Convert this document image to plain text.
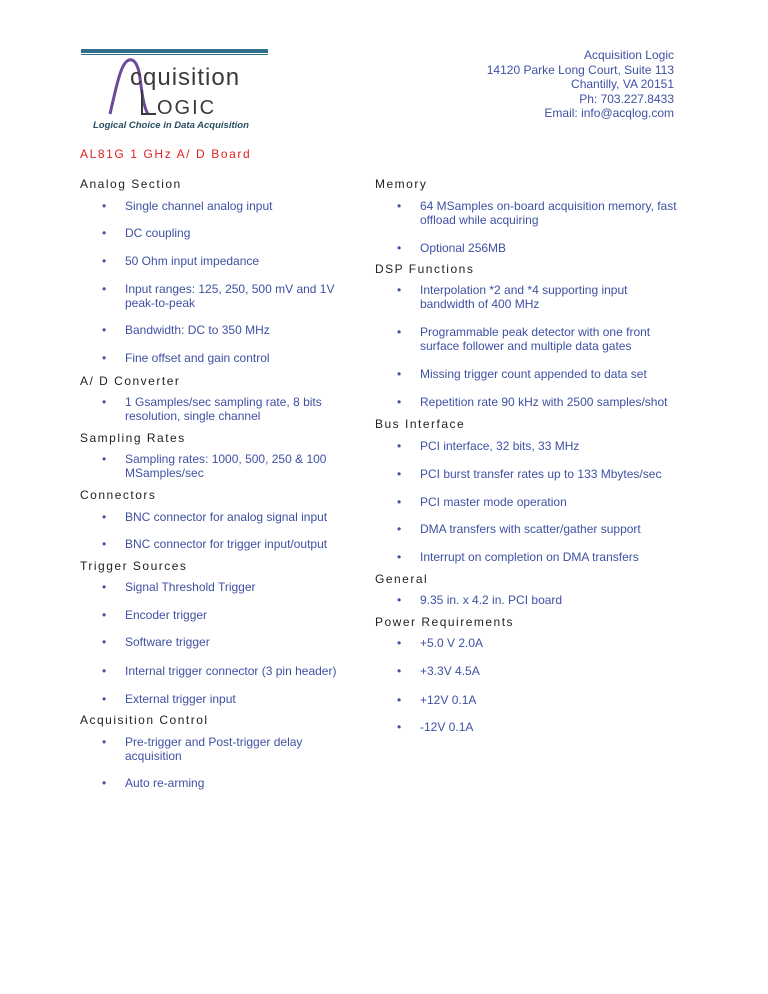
cquisition
OGIC
Logical Choice in Data Acquisition
Acquisition Logic
14120 Parke Long Court, Suite 113
Chantilly, VA 20151
Ph: 703.227.8433
Email: info@acqlog.com
AL81G 1 GHz A/ D Board
Analog Section
• Single channel analog input
• DC coupling
• 50 Ohm input impedance
• Input ranges: 125, 250, 500 mV and 1V peak-to-peak
• Bandwidth: DC to 350 MHz
• Fine offset and gain control
A/ D Converter
• 1 Gsamples/sec sampling rate, 8 bits resolution, single channel
Sampling Rates
• Sampling rates: 1000, 500, 250 & 100 MSamples/sec
Connectors
• BNC connector for analog signal input
• BNC connector for trigger input/output
Trigger Sources
• Signal Threshold Trigger
• Encoder trigger
• Software trigger
• Internal trigger connector (3 pin header)
• External trigger input
Acquisition Control
• Pre-trigger and Post-trigger delay acquisition
• Auto re-arming
Memory
• 64 MSamples on-board acquisition memory, fast offload while acquiring
• Optional 256MB
DSP Functions
• Interpolation *2 and *4 supporting input bandwidth of 400 MHz
• Programmable peak detector with one front surface follower and multiple data gates
• Missing trigger count appended to data set
• Repetition rate 90 kHz with 2500 samples/shot
Bus Interface
• PCI interface, 32 bits, 33 MHz
• PCI burst transfer rates up to 133 Mbytes/sec
• PCI master mode operation
• DMA transfers with scatter/gather support
• Interrupt on completion on DMA transfers
General
• 9.35 in. x 4.2 in. PCI board
Power Requirements
• +5.0 V 2.0A
• +3.3V 4.5A
• +12V 0.1A
• -12V 0.1A
